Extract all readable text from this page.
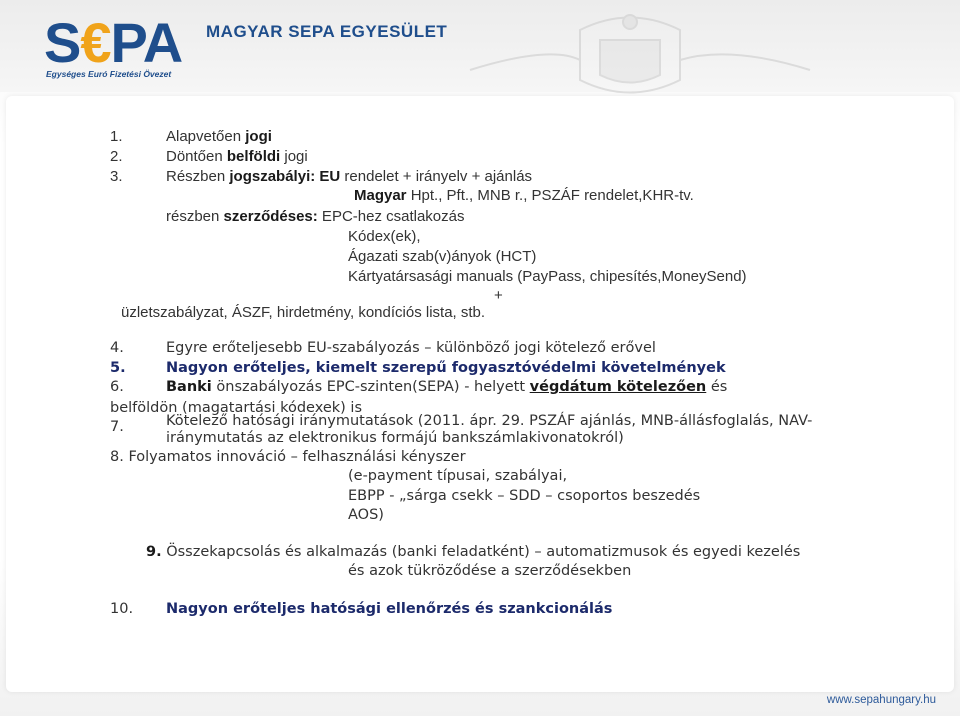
S€PA
Egységes Euró Fizetési Övezet
MAGYAR SEPA EGYESÜLET
1.	Alapvetően jogi
2.	Döntően belföldi jogi
3.	Részben jogszabályi: EU rendelet + irányelv + ajánlás
Magyar Hpt., Pft., MNB r., PSZÁF rendelet,KHR-tv.
részben szerződéses: EPC-hez csatlakozás
Kódex(ek),
Ágazati szab(v)ányok (HCT)
Kártyatársasági manuals (PayPass, chipesítés,MoneySend)
+
üzletszabályzat, ÁSZF, hirdetmény, kondíciós lista, stb.
4.	Egyre erőteljesebb EU-szabályozás – különböző jogi kötelező erővel
5.	Nagyon erőteljes, kiemelt szerepű fogyasztóvédelmi követelmények
6.	Banki önszabályozás EPC-szinten(SEPA) - helyett végdátum kötelezően és
belföldön (magatartási kódexek) is
7.	Kötelező hatósági iránymutatások (2011. ápr. 29. PSZÁF ajánlás, MNB-állásfoglalás, NAV-
iránymutatás az elektronikus formájú bankszámlakivonatokról)
8. Folyamatos innováció – felhasználási kényszer
(e-payment típusai, szabályai,
EBPP - „sárga csekk – SDD – csoportos beszedés
AOS)
9. Összekapcsolás és alkalmazás (banki feladatként) – automatizmusok és egyedi kezelés
és azok tükröződése a szerződésekben
10. Nagyon erőteljes hatósági ellenőrzés és szankcionálás
www.sepahungary.hu
